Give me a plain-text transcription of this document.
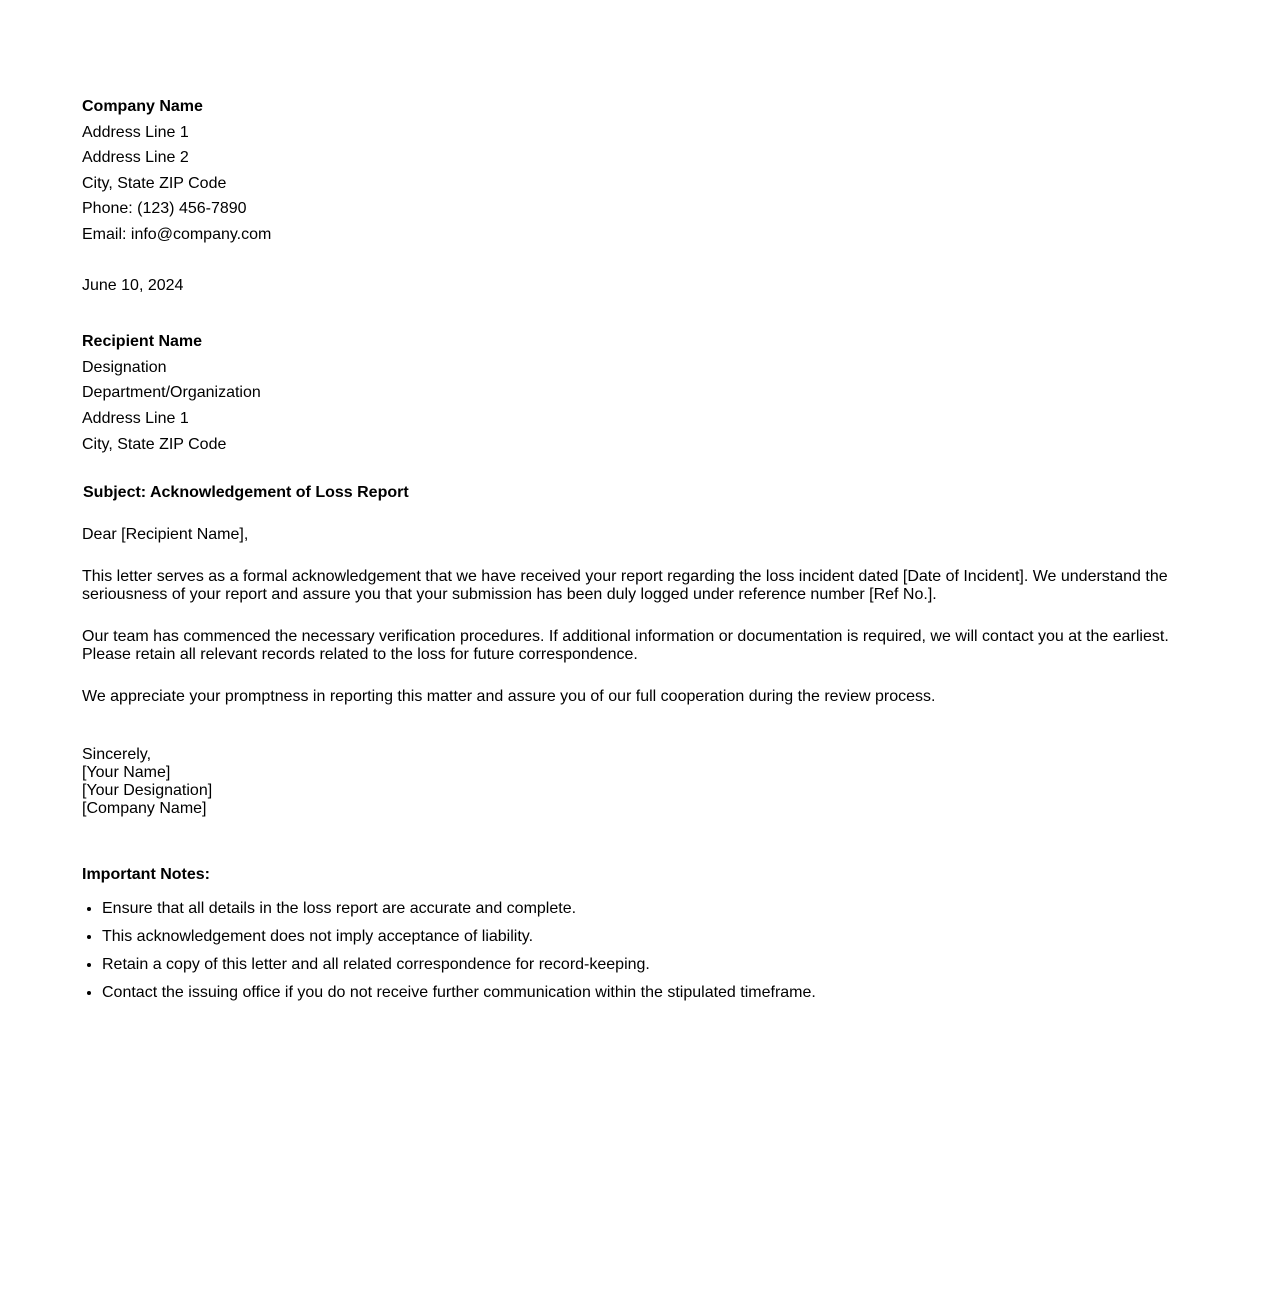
Company Name
Address Line 1
Address Line 2
City, State ZIP Code
Phone: (123) 456-7890
Email: info@company.com
June 10, 2024
Recipient Name
Designation
Department/Organization
Address Line 1
City, State ZIP Code
Subject: Acknowledgement of Loss Report
Dear [Recipient Name],
This letter serves as a formal acknowledgement that we have received your report regarding the loss incident dated [Date of Incident]. We understand the seriousness of your report and assure you that your submission has been duly logged under reference number [Ref No.].
Our team has commenced the necessary verification procedures. If additional information or documentation is required, we will contact you at the earliest. Please retain all relevant records related to the loss for future correspondence.
We appreciate your promptness in reporting this matter and assure you of our full cooperation during the review process.
Sincerely,
[Your Name]
[Your Designation]
[Company Name]
Important Notes:
• Ensure that all details in the loss report are accurate and complete.
• This acknowledgement does not imply acceptance of liability.
• Retain a copy of this letter and all related correspondence for record-keeping.
• Contact the issuing office if you do not receive further communication within the stipulated timeframe.
